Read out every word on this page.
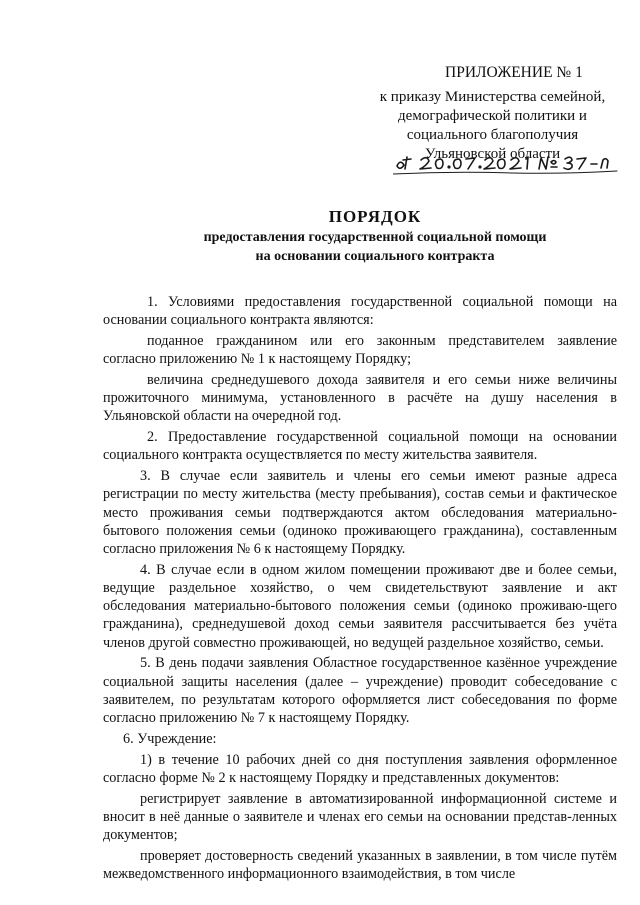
ПРИЛОЖЕНИЕ № 1
к приказу Министерства семейной,
демографической политики и
социального благополучия
Ульяновской области
ПОРЯДОК
предоставления государственной социальной помощи
на основании социального контракта

1. Условиями предоставления государственной социальной помощи на основании социального контракта являются:

поданное гражданином или его законным представителем заявление согласно приложению № 1 к настоящему Порядку;

величина среднедушевого дохода заявителя и его семьи ниже величины прожиточного минимума, установленного в расчёте на душу населения в Ульяновской области на очередной год.

2. Предоставление государственной социальной помощи на основании социального контракта осуществляется по месту жительства заявителя.

3. В случае если заявитель и члены его семьи имеют разные адреса регистрации по месту жительства (месту пребывания), состав семьи и фактическое место проживания семьи подтверждаются актом обследования материально-бытового положения семьи (одиноко проживающего гражданина), составленным согласно приложения № 6 к настоящему Порядку.

4. В случае если в одном жилом помещении проживают две и более семьи, ведущие раздельное хозяйство, о чем свидетельствуют заявление и акт обследования материально-бытового положения семьи (одиноко проживаю-щего гражданина), среднедушевой доход семьи заявителя рассчитывается без учёта членов другой совместно проживающей, но ведущей раздельное хозяйство, семьи.

5. В день подачи заявления Областное государственное казённое учреждение социальной защиты населения (далее – учреждение) проводит собеседование с заявителем, по результатам которого оформляется лист собеседования по форме согласно приложению № 7 к настоящему Порядку.

6. Учреждение:

1) в течение 10 рабочих дней со дня поступления заявления оформленное согласно форме № 2 к настоящему Порядку и представленных документов:

регистрирует заявление в автоматизированной информационной системе и вносит в неё данные о заявителе и членах его семьи на основании представ-ленных документов;

проверяет достоверность сведений указанных в заявлении, в том числе путём межведомственного информационного взаимодействия, в том числе
